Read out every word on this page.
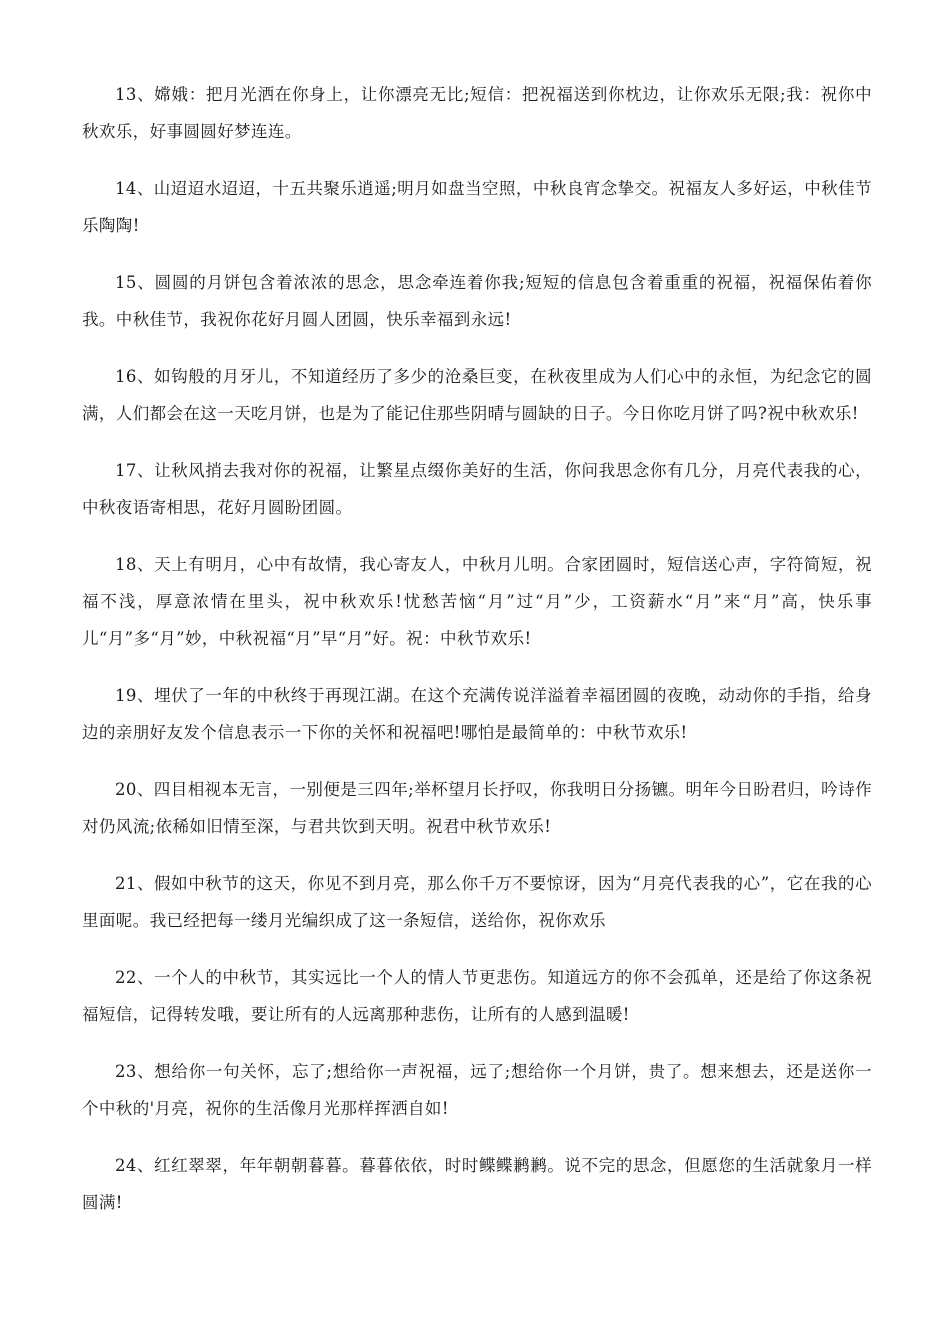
13、嫦娥：把月光洒在你身上，让你漂亮无比;短信：把祝福送到你枕边，让你欢乐无限;我：祝你中秋欢乐，好事圆圆好梦连连。

14、山迢迢水迢迢，十五共聚乐逍遥;明月如盘当空照，中秋良宵念挚交。祝福友人多好运，中秋佳节乐陶陶!

15、圆圆的月饼包含着浓浓的思念，思念牵连着你我;短短的信息包含着重重的祝福，祝福保佑着你我。中秋佳节，我祝你花好月圆人团圆，快乐幸福到永远!

16、如钩般的月牙儿，不知道经历了多少的沧桑巨变，在秋夜里成为人们心中的永恒，为纪念它的圆满，人们都会在这一天吃月饼，也是为了能记住那些阴晴与圆缺的日子。今日你吃月饼了吗?祝中秋欢乐!

17、让秋风捎去我对你的祝福，让繁星点缀你美好的生活，你问我思念你有几分，月亮代表我的心，中秋夜语寄相思，花好月圆盼团圆。

18、天上有明月，心中有故情，我心寄友人，中秋月儿明。合家团圆时，短信送心声，字符简短，祝福不浅，厚意浓情在里头，祝中秋欢乐!忧愁苦恼“月”过“月”少，工资薪水“月”来“月”高，快乐事儿“月”多“月”妙，中秋祝福“月”早“月”好。祝：中秋节欢乐!

19、埋伏了一年的中秋终于再现江湖。在这个充满传说洋溢着幸福团圆的夜晚，动动你的手指，给身边的亲朋好友发个信息表示一下你的关怀和祝福吧!哪怕是最简单的：中秋节欢乐!

20、四目相视本无言，一别便是三四年;举杯望月长抒叹，你我明日分扬镳。明年今日盼君归，吟诗作对仍风流;依稀如旧情至深，与君共饮到天明。祝君中秋节欢乐!

21、假如中秋节的这天，你见不到月亮，那么你千万不要惊讶，因为“月亮代表我的心”，它在我的心里面呢。我已经把每一缕月光编织成了这一条短信，送给你，祝你欢乐

22、一个人的中秋节，其实远比一个人的情人节更悲伤。知道远方的你不会孤单，还是给了你这条祝福短信，记得转发哦，要让所有的人远离那种悲伤，让所有的人感到温暖!

23、想给你一句关怀，忘了;想给你一声祝福，远了;想给你一个月饼，贵了。想来想去，还是送你一个中秋的'月亮，祝你的生活像月光那样挥洒自如!

24、红红翠翠，年年朝朝暮暮。暮暮依依，时时鲽鲽鹣鹣。说不完的思念，但愿您的生活就象月一样圆满!
